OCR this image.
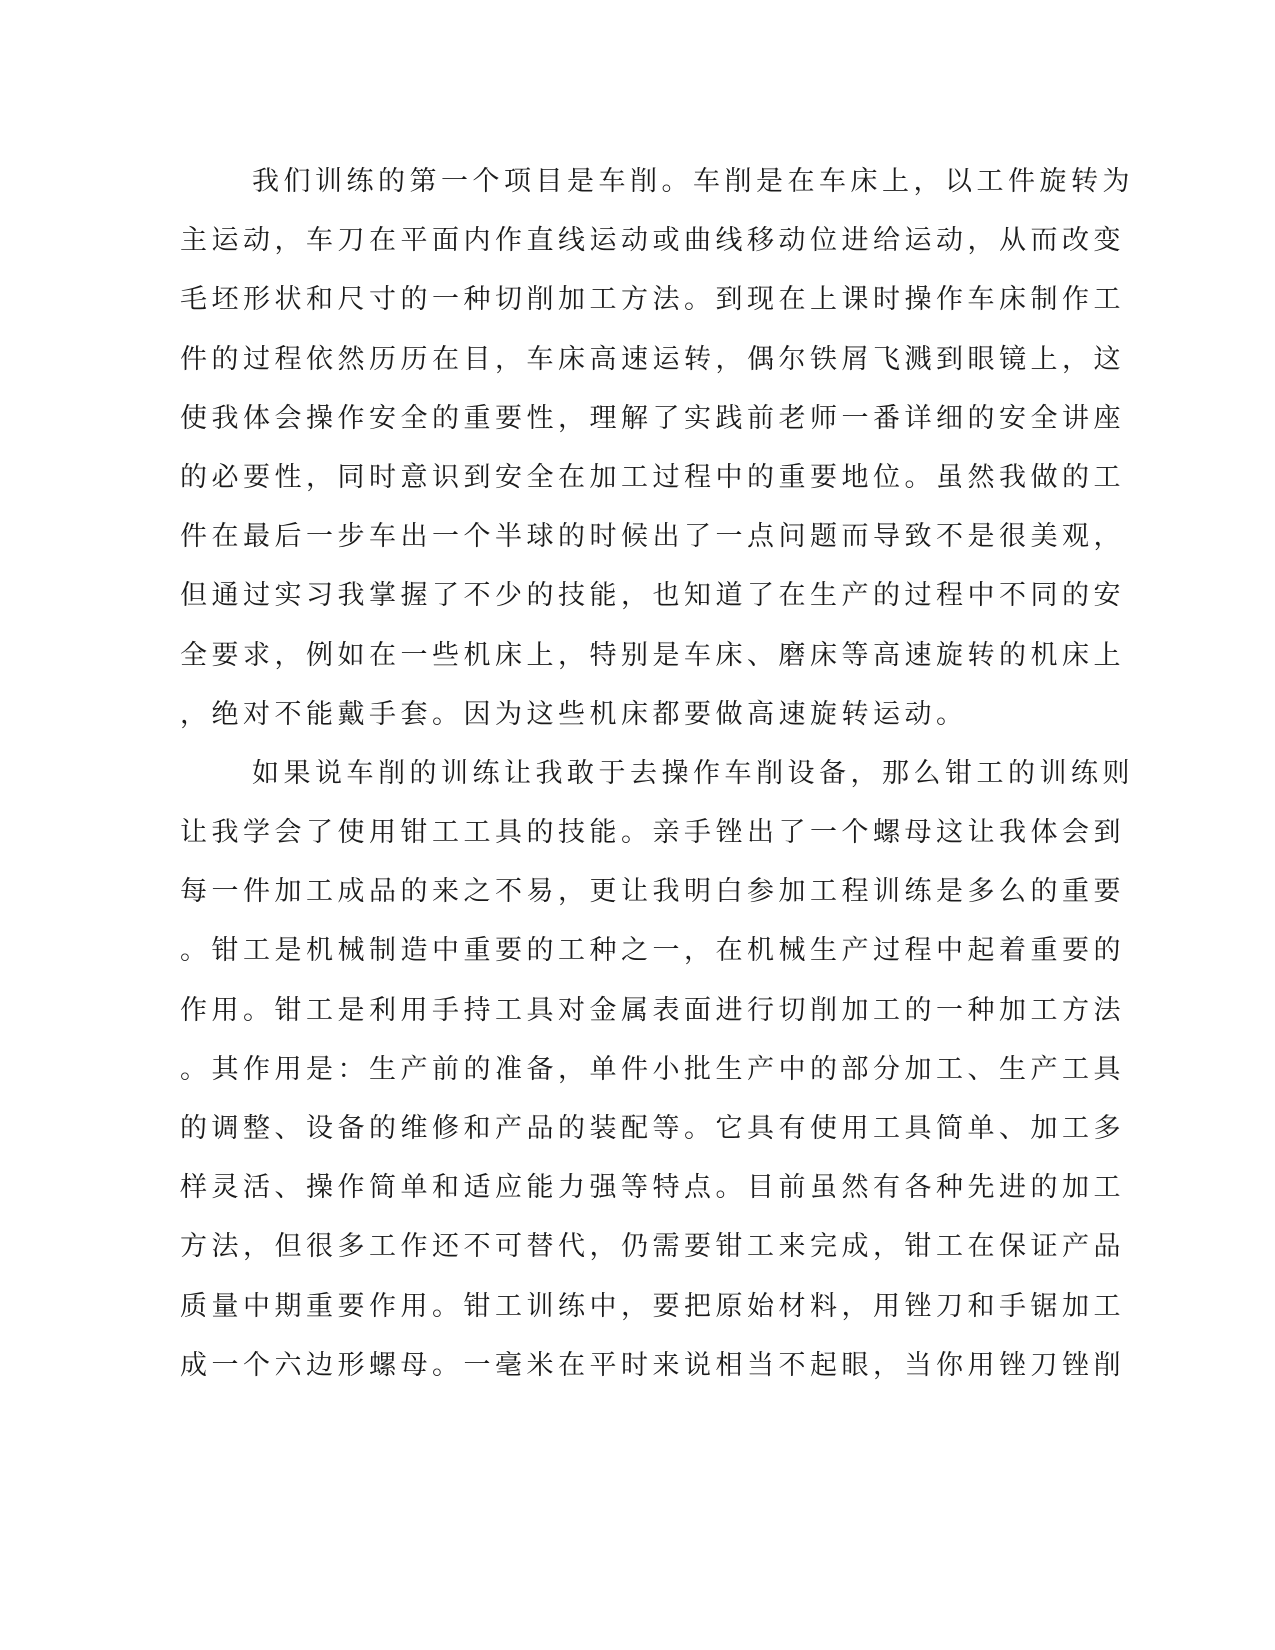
我们训练的第一个项目是车削。车削是在车床上，以工件旋转为
主运动，车刀在平面内作直线运动或曲线移动位进给运动，从而改变
毛坯形状和尺寸的一种切削加工方法。到现在上课时操作车床制作工
件的过程依然历历在目，车床高速运转，偶尔铁屑飞溅到眼镜上，这
使我体会操作安全的重要性，理解了实践前老师一番详细的安全讲座
的必要性，同时意识到安全在加工过程中的重要地位。虽然我做的工
件在最后一步车出一个半球的时候出了一点问题而导致不是很美观，
但通过实习我掌握了不少的技能，也知道了在生产的过程中不同的安
全要求，例如在一些机床上，特别是车床、磨床等高速旋转的机床上
，绝对不能戴手套。因为这些机床都要做高速旋转运动。
如果说车削的训练让我敢于去操作车削设备，那么钳工的训练则
让我学会了使用钳工工具的技能。亲手锉出了一个螺母这让我体会到
每一件加工成品的来之不易，更让我明白参加工程训练是多么的重要
。钳工是机械制造中重要的工种之一，在机械生产过程中起着重要的
作用。钳工是利用手持工具对金属表面进行切削加工的一种加工方法
。其作用是：生产前的准备，单件小批生产中的部分加工、生产工具
的调整、设备的维修和产品的装配等。它具有使用工具简单、加工多
样灵活、操作简单和适应能力强等特点。目前虽然有各种先进的加工
方法，但很多工作还不可替代，仍需要钳工来完成，钳工在保证产品
质量中期重要作用。钳工训练中，要把原始材料，用锉刀和手锯加工
成一个六边形螺母。一毫米在平时来说相当不起眼，当你用锉刀锉削
